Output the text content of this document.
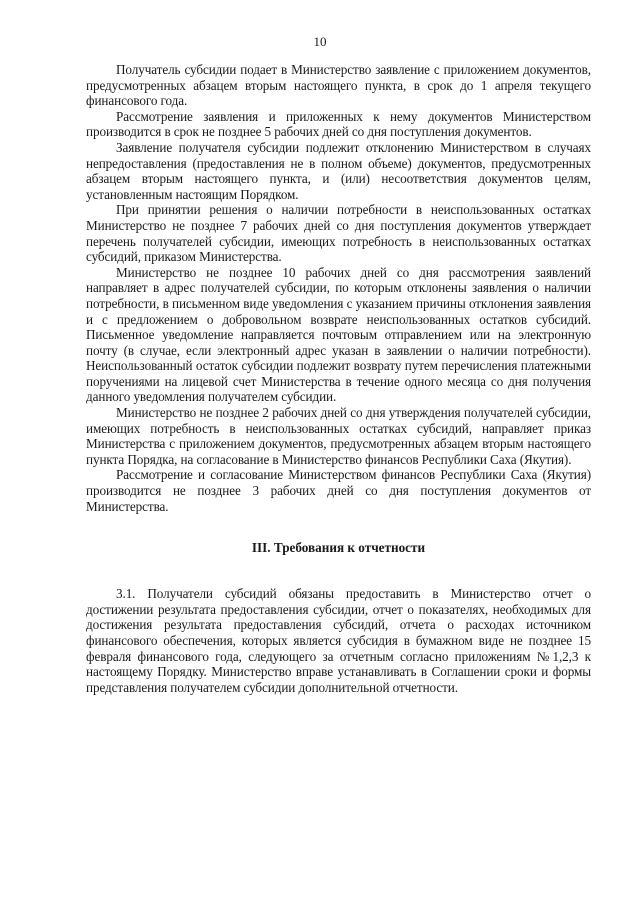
10

Получатель субсидии подает в Министерство заявление с приложением документов, предусмотренных абзацем вторым настоящего пункта, в срок до 1 апреля текущего финансового года.

Рассмотрение заявления и приложенных к нему документов Министерством производится в срок не позднее 5 рабочих дней со дня поступления документов.

Заявление получателя субсидии подлежит отклонению Министерством в случаях непредоставления (предоставления не в полном объеме) документов, предусмотренных абзацем вторым настоящего пункта, и (или) несоответствия документов целям, установленным настоящим Порядком.

При принятии решения о наличии потребности в неиспользованных остатках Министерство не позднее 7 рабочих дней со дня поступления документов утверждает перечень получателей субсидии, имеющих потребность в неиспользованных остатках субсидий, приказом Министерства.

Министерство не позднее 10 рабочих дней со дня рассмотрения заявлений направляет в адрес получателей субсидии, по которым отклонены заявления о наличии потребности, в письменном виде уведомления с указанием причины отклонения заявления и с предложением о добровольном возврате неиспользованных остатков субсидий. Письменное уведомление направляется почтовым отправлением или на электронную почту (в случае, если электронный адрес указан в заявлении о наличии потребности). Неиспользованный остаток субсидии подлежит возврату путем перечисления платежными поручениями на лицевой счет Министерства в течение одного месяца со дня получения данного уведомления получателем субсидии.

Министерство не позднее 2 рабочих дней со дня утверждения получателей субсидии, имеющих потребность в неиспользованных остатках субсидий, направляет приказ Министерства с приложением документов, предусмотренных абзацем вторым настоящего пункта Порядка, на согласование в Министерство финансов Республики Саха (Якутия).

Рассмотрение и согласование Министерством финансов Республики Саха (Якутия) производится не позднее 3 рабочих дней со дня поступления документов от Министерства.

III. Требования к отчетности

3.1. Получатели субсидий обязаны предоставить в Министерство отчет о достижении результата предоставления субсидии, отчет о показателях, необходимых для достижения результата предоставления субсидий, отчета о расходах источником финансового обеспечения, которых является субсидия в бумажном виде не позднее 15 февраля финансового года, следующего за отчетным согласно приложениям №1,2,3 к настоящему Порядку. Министерство вправе устанавливать в Соглашении сроки и формы представления получателем субсидии дополнительной отчетности.
